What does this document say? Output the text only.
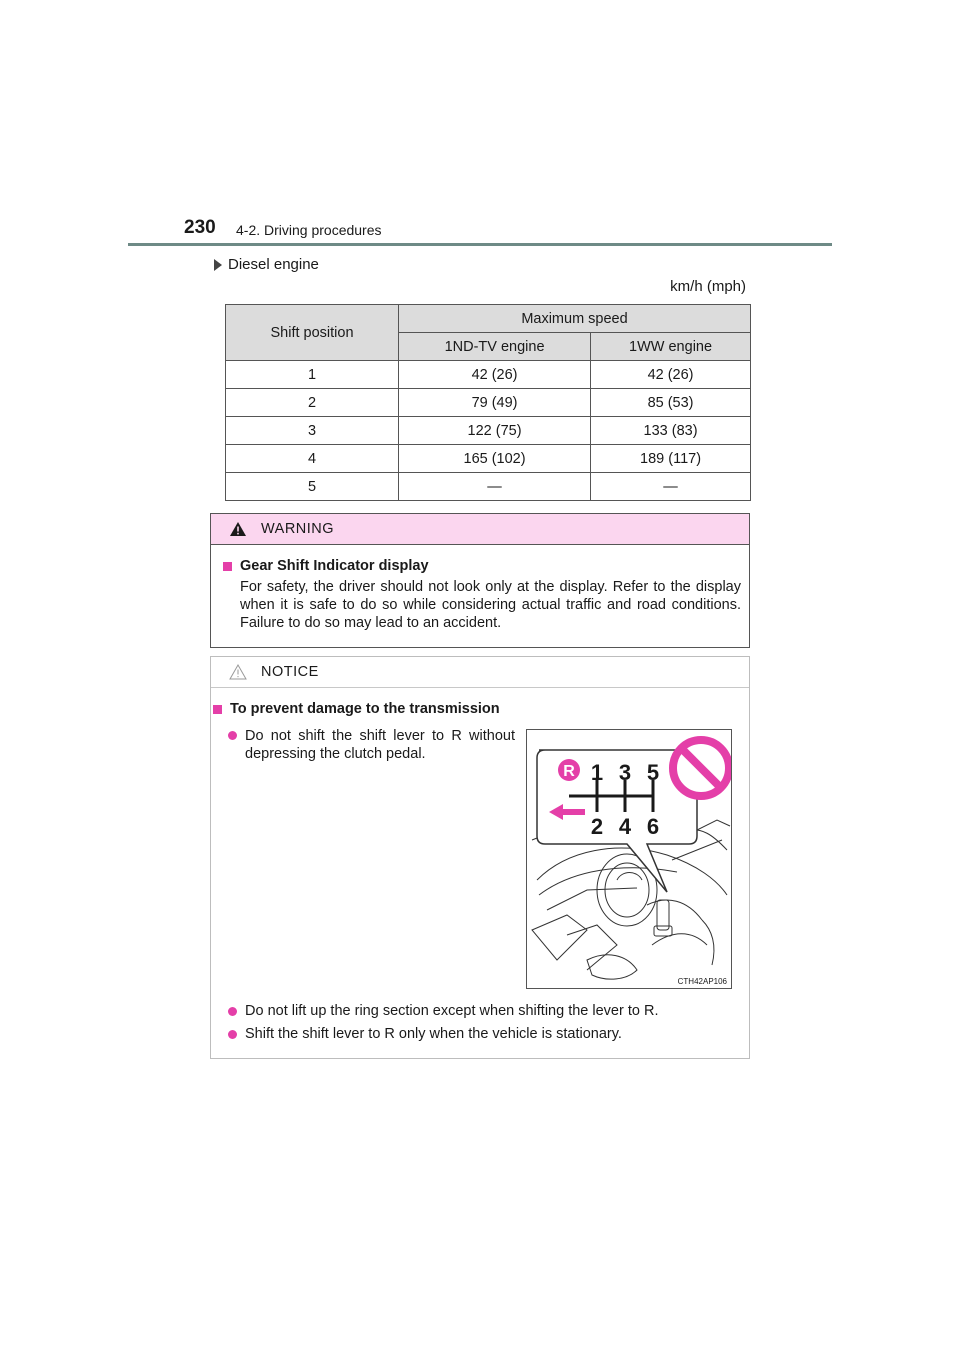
230 4-2. Driving procedures
Diesel engine
km/h (mph)
Shift position	Maximum speed	
	1ND-TV engine	1WW engine
1	42 (26)	42 (26)
2	79 (49)	85 (53)
3	122 (75)	133 (83)
4	165 (102)	189 (117)
5	—	—
WARNING
Gear Shift Indicator display
For safety, the driver should not look only at the display. Refer to the display when it is safe to do so while considering actual traffic and road conditions. Failure to do so may lead to an accident.
NOTICE
To prevent damage to the transmission
Do not shift the shift lever to R without depressing the clutch pedal.
R 1 3 5
2 4 6
CTH42AP106
Do not lift up the ring section except when shifting the lever to R.
Shift the shift lever to R only when the vehicle is stationary.
